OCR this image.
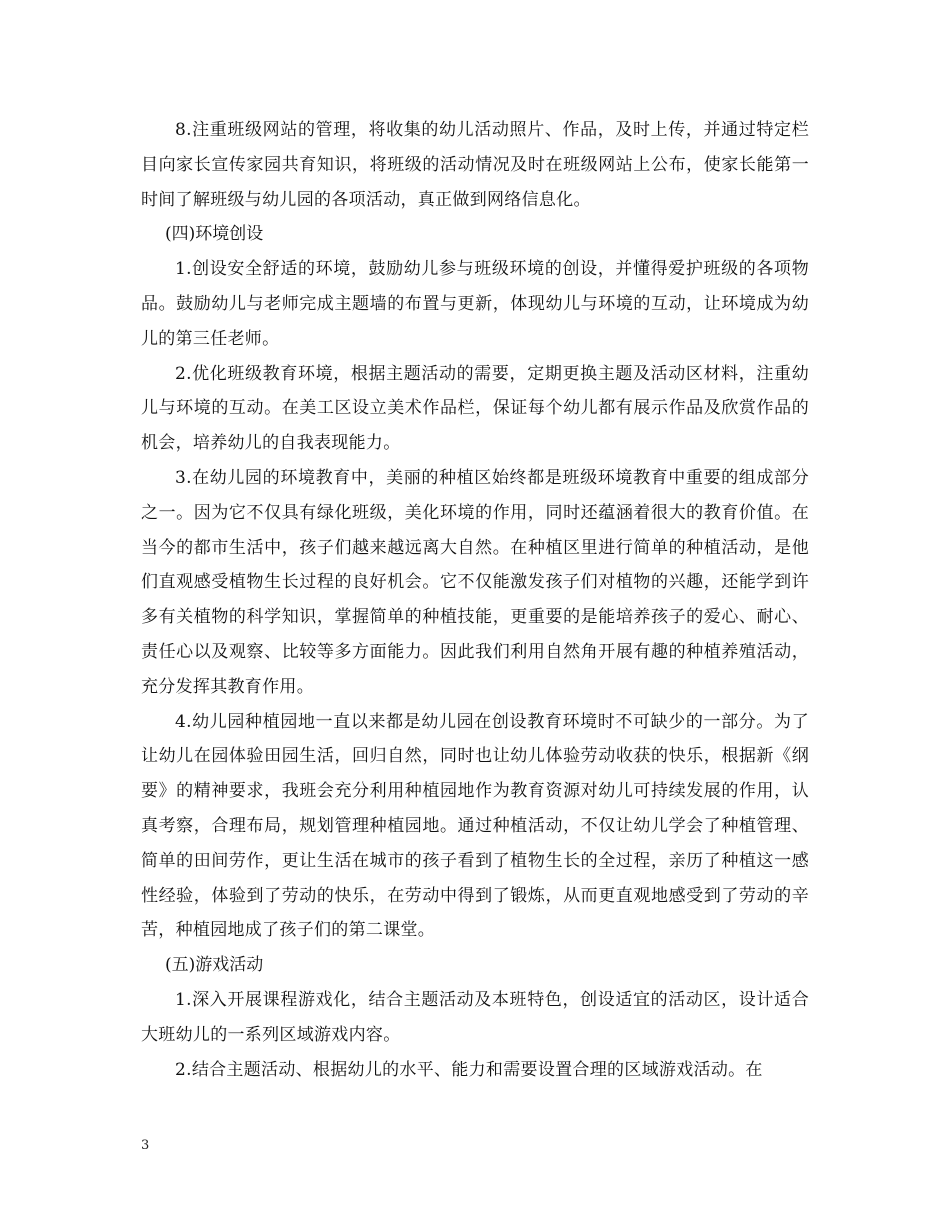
8.注重班级网站的管理，将收集的幼儿活动照片、作品，及时上传，并通过特定栏目向家长宣传家园共育知识，将班级的活动情况及时在班级网站上公布，使家长能第一时间了解班级与幼儿园的各项活动，真正做到网络信息化。

(四)环境创设

1.创设安全舒适的环境，鼓励幼儿参与班级环境的创设，并懂得爱护班级的各项物品。鼓励幼儿与老师完成主题墙的布置与更新，体现幼儿与环境的互动，让环境成为幼儿的第三任老师。

2.优化班级教育环境，根据主题活动的需要，定期更换主题及活动区材料，注重幼儿与环境的互动。在美工区设立美术作品栏，保证每个幼儿都有展示作品及欣赏作品的机会，培养幼儿的自我表现能力。

3.在幼儿园的环境教育中，美丽的种植区始终都是班级环境教育中重要的组成部分之一。因为它不仅具有绿化班级，美化环境的作用，同时还蕴涵着很大的教育价值。在当今的都市生活中，孩子们越来越远离大自然。在种植区里进行简单的种植活动，是他们直观感受植物生长过程的良好机会。它不仅能激发孩子们对植物的兴趣，还能学到许多有关植物的科学知识，掌握简单的种植技能，更重要的是能培养孩子的爱心、耐心、责任心以及观察、比较等多方面能力。因此我们利用自然角开展有趣的种植养殖活动，充分发挥其教育作用。

4.幼儿园种植园地一直以来都是幼儿园在创设教育环境时不可缺少的一部分。为了让幼儿在园体验田园生活，回归自然，同时也让幼儿体验劳动收获的快乐，根据新《纲要》的精神要求，我班会充分利用种植园地作为教育资源对幼儿可持续发展的作用，认真考察，合理布局，规划管理种植园地。通过种植活动，不仅让幼儿学会了种植管理、简单的田间劳作，更让生活在城市的孩子看到了植物生长的全过程，亲历了种植这一感性经验，体验到了劳动的快乐，在劳动中得到了锻炼，从而更直观地感受到了劳动的辛苦，种植园地成了孩子们的第二课堂。

(五)游戏活动

1.深入开展课程游戏化，结合主题活动及本班特色，创设适宜的活动区，设计适合大班幼儿的一系列区域游戏内容。

2.结合主题活动、根据幼儿的水平、能力和需要设置合理的区域游戏活动。在

3
